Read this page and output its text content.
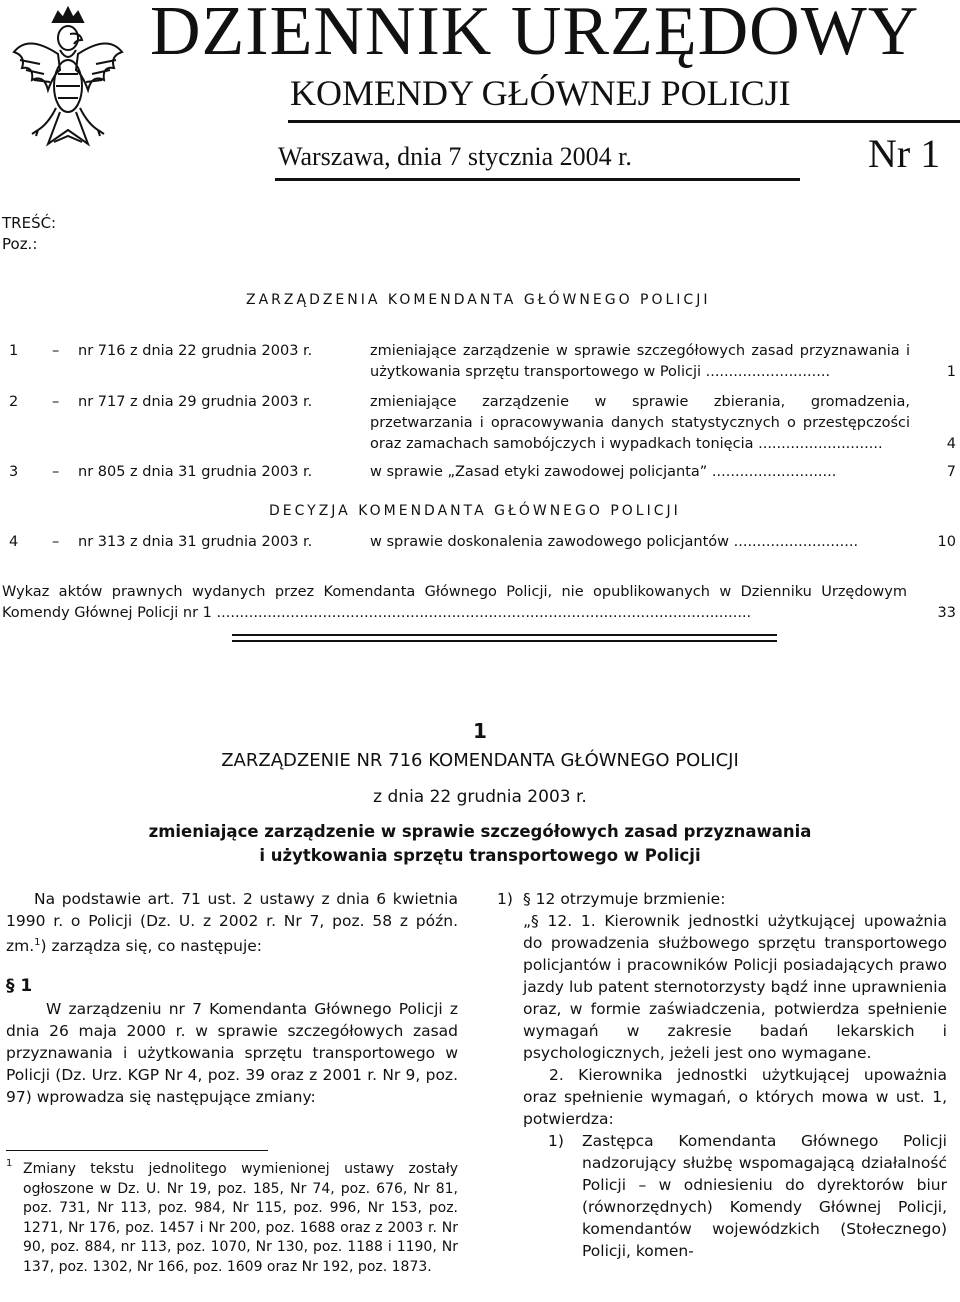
DZIENNIK URZĘDOWY
KOMENDY GŁÓWNEJ POLICJI
Warszawa, dnia 7 stycznia 2004 r.	Nr 1
TREŚĆ:
Poz.:
ZARZĄDZENIA KOMENDANTA GŁÓWNEGO POLICJI
1 – nr 716 z dnia 22 grudnia 2003 r.	zmieniające zarządzenie w sprawie szczegółowych zasad przyznawania i użytkowania sprzętu transportowego w Policji ...........................	1
2 – nr 717 z dnia 29 grudnia 2003 r.	zmieniające zarządzenie w sprawie zbierania, gromadzenia, przetwarzania i opracowywania danych statystycznych o przestępczości oraz zamachach samobójczych i wypadkach tonięcia ...........................	4
3 – nr 805 z dnia 31 grudnia 2003 r.	w sprawie „Zasad etyki zawodowej policjanta” ...........................	7
DECYZJA KOMENDANTA GŁÓWNEGO POLICJI
4 – nr 313 z dnia 31 grudnia 2003 r.	w sprawie doskonalenia zawodowego policjantów ...........................	10
Wykaz aktów prawnych wydanych przez Komendanta Głównego Policji, nie opublikowanych w Dzienniku Urzędowym Komendy Głównej Policji nr 1 ....................................................................................................................	33
1
ZARZĄDZENIE NR 716 KOMENDANTA GŁÓWNEGO POLICJI
z dnia 22 grudnia 2003 r.
zmieniające zarządzenie w sprawie szczegółowych zasad przyznawania
i użytkowania sprzętu transportowego w Policji
Na podstawie art. 71 ust. 2 ustawy z dnia 6 kwietnia 1990 r. o Policji (Dz. U. z 2002 r. Nr 7, poz. 58 z późn. zm.$^1$) zarządza się, co następuje:
§ 1
W zarządzeniu nr 7 Komendanta Głównego Policji z dnia 26 maja 2000 r. w sprawie szczegółowych zasad przyznawania i użytkowania sprzętu transportowego w Policji (Dz. Urz. KGP Nr 4, poz. 39 oraz z 2001 r. Nr 9, poz. 97) wprowadza się następujące zmiany:
1 Zmiany tekstu jednolitego wymienionej ustawy zostały ogłoszone w Dz. U. Nr 19, poz. 185, Nr 74, poz. 676, Nr 81, poz. 731, Nr 113, poz. 984, Nr 115, poz. 996, Nr 153, poz. 1271, Nr 176, poz. 1457 i Nr 200, poz. 1688 oraz z 2003 r. Nr 90, poz. 884, nr 113, poz. 1070, Nr 130, poz. 1188 i 1190, Nr 137, poz. 1302, Nr 166, poz. 1609 oraz Nr 192, poz. 1873.
1) § 12 otrzymuje brzmienie:
„§ 12. 1. Kierownik jednostki użytkującej upoważnia do prowadzenia służbowego sprzętu transportowego policjantów i pracowników Policji posiadających prawo jazdy lub patent sternotorzysty bądź inne uprawnienia oraz, w formie zaświadczenia, potwierdza spełnienie wymagań w zakresie badań lekarskich i psychologicznych, jeżeli jest ono wymagane.
2. Kierownika jednostki użytkującej upoważnia oraz spełnienie wymagań, o których mowa w ust. 1, potwierdza:
1) Zastępca Komendanta Głównego Policji nadzorujący służbę wspomagającą działalność Policji – w odniesieniu do dyrektorów biur (równorzędnych) Komendy Głównej Policji, komendantów wojewódzkich (Stołecznego) Policji, komen-
